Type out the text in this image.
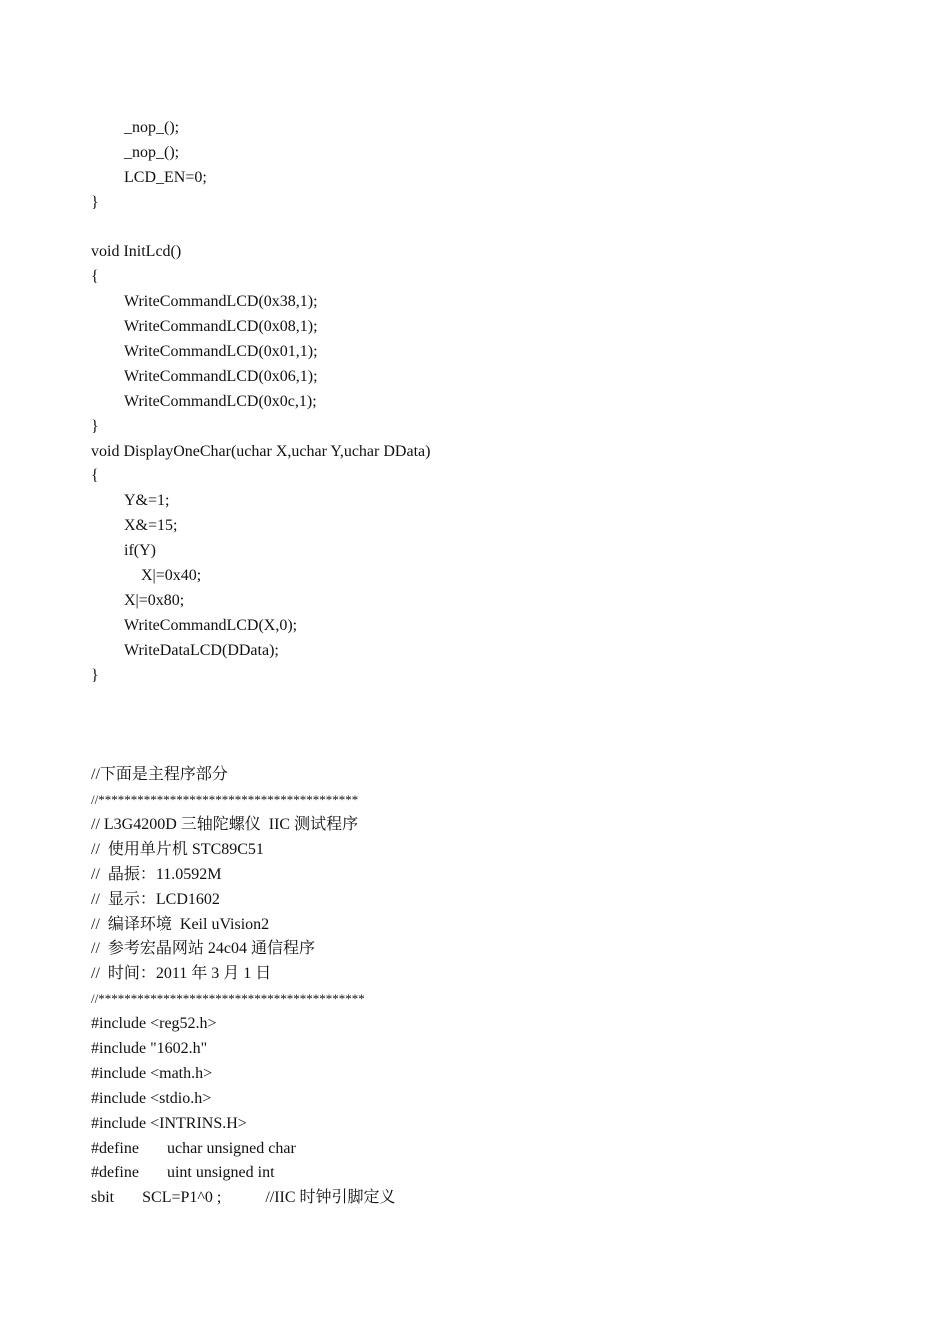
_nop_();
_nop_();
LCD_EN=0;
}
void InitLcd()
{
WriteCommandLCD(0x38,1);
WriteCommandLCD(0x08,1);
WriteCommandLCD(0x01,1);
WriteCommandLCD(0x06,1);
WriteCommandLCD(0x0c,1);
}
void DisplayOneChar(uchar X,uchar Y,uchar DData)
{
Y&=1;
X&=15;
if(Y)
X|=0x40;
X|=0x80;
WriteCommandLCD(X,0);
WriteDataLCD(DData);
}
//下面是主程序部分
//****************************************
// L3G4200D 三轴陀螺仪  IIC 测试程序
//  使用单片机 STC89C51
//  晶振：11.0592M
//  显示：LCD1602
//  编译环境  Keil uVision2
//  参考宏晶网站 24c04 通信程序
//  时间：2011 年 3 月 1 日
//*****************************************
#include <reg52.h>
#include "1602.h"
#include <math.h>
#include <stdio.h>
#include <INTRINS.H>
#define       uchar unsigned char
#define       uint unsigned int
sbit       SCL=P1^0 ;           //IIC 时钟引脚定义
